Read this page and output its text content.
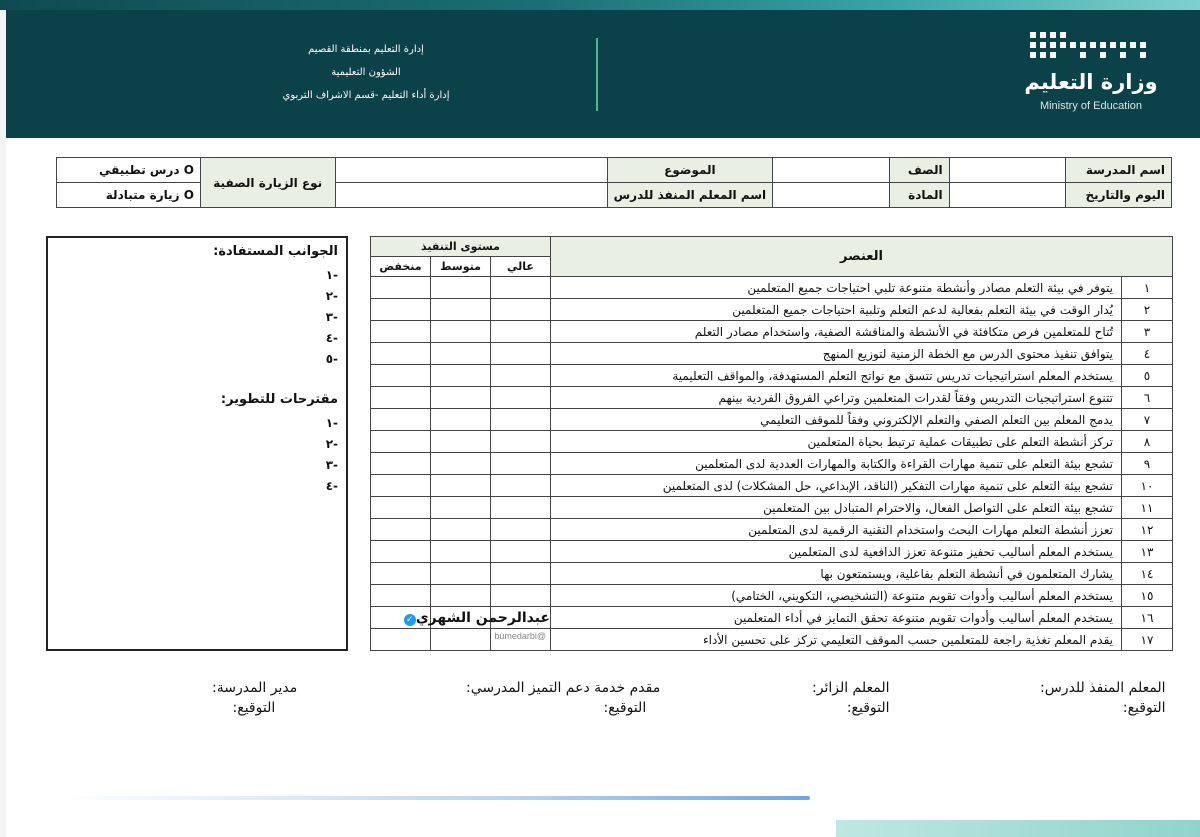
إدارة التعليم بمنطقة القصيم
الشؤون التعليمية
إدارة أداء التعليم -قسم الاشراف التربوي
وزارة التعليم
Ministry of Education
اسم المدرسة		الصف		الموضوع		نوع الزيارة الصفية	O درس تطبيقي
اليوم والتاريخ		المادة		اسم المعلم المنفذ للدرس			O زيارة متبادلة
العنصر		مستوى التنفيذ		
		عالي	متوسط	منخفض
١	يتوفر في بيئة التعلم مصادر وأنشطة متنوعة تلبي احتياجات جميع المتعلمين			
٢	يُدار الوقت في بيئة التعلم بفعالية لدعم التعلم وتلبية احتياجات جميع المتعلمين			
٣	تُتاح للمتعلمين فرص متكافئة في الأنشطة والمناقشة الصفية، واستخدام مصادر التعلم			
٤	يتوافق تنفيذ محتوى الدرس مع الخطة الزمنية لتوزيع المنهج			
٥	يستخدم المعلم استراتيجيات تدريس تتسق مع نواتج التعلم المستهدفة، والمواقف التعليمية			
٦	تتنوع استراتيجيات التدريس وفقاً لقدرات المتعلمين وتراعي الفروق الفردية بينهم			
٧	يدمج المعلم بين التعلم الصفي والتعلم الإلكتروني وفقاً للموقف التعليمي			
٨	تركز أنشطة التعلم على تطبيقات عملية ترتبط بحياة المتعلمين			
٩	تشجع بيئة التعلم على تنمية مهارات القراءة والكتابة والمهارات العددية لدى المتعلمين			
١٠	تشجع بيئة التعلم على تنمية مهارات التفكير (الناقد، الإبداعي، حل المشكلات) لدى المتعلمين			
١١	تشجع بيئة التعلم على التواصل الفعال، والاحترام المتبادل بين المتعلمين			
١٢	تعزز أنشطة التعلم مهارات البحث واستخدام التقنية الرقمية لدى المتعلمين			
١٣	يستخدم المعلم أساليب تحفيز متنوعة تعزز الدافعية لدى المتعلمين			
١٤	يشارك المتعلمون في أنشطة التعلم بفاعلية، ويستمتعون بها			
١٥	يستخدم المعلم أساليب وأدوات تقويم متنوعة (التشخيصي، التكويني، الختامي)			
١٦	يستخدم المعلم أساليب وأدوات تقويم متنوعة تحقق التمايز في أداء المتعلمين			
١٧	يقدم المعلم تغذية راجعة للمتعلمين حسب الموقف التعليمي تركز على تحسين الأداء			
الجوانب المستفادة:
-١
-٢
-٣
-٤
-٥
مقترحات للتطوير:
-١
-٢
-٣
-٤
عبدالرحمن الشهري✓
@bumedarbi
المعلم المنفذ للدرس:
التوقيع:
المعلم الزائر:
التوقيع:
مقدم خدمة دعم التميز المدرسي:
التوقيع:
مدير المدرسة:
التوقيع:
